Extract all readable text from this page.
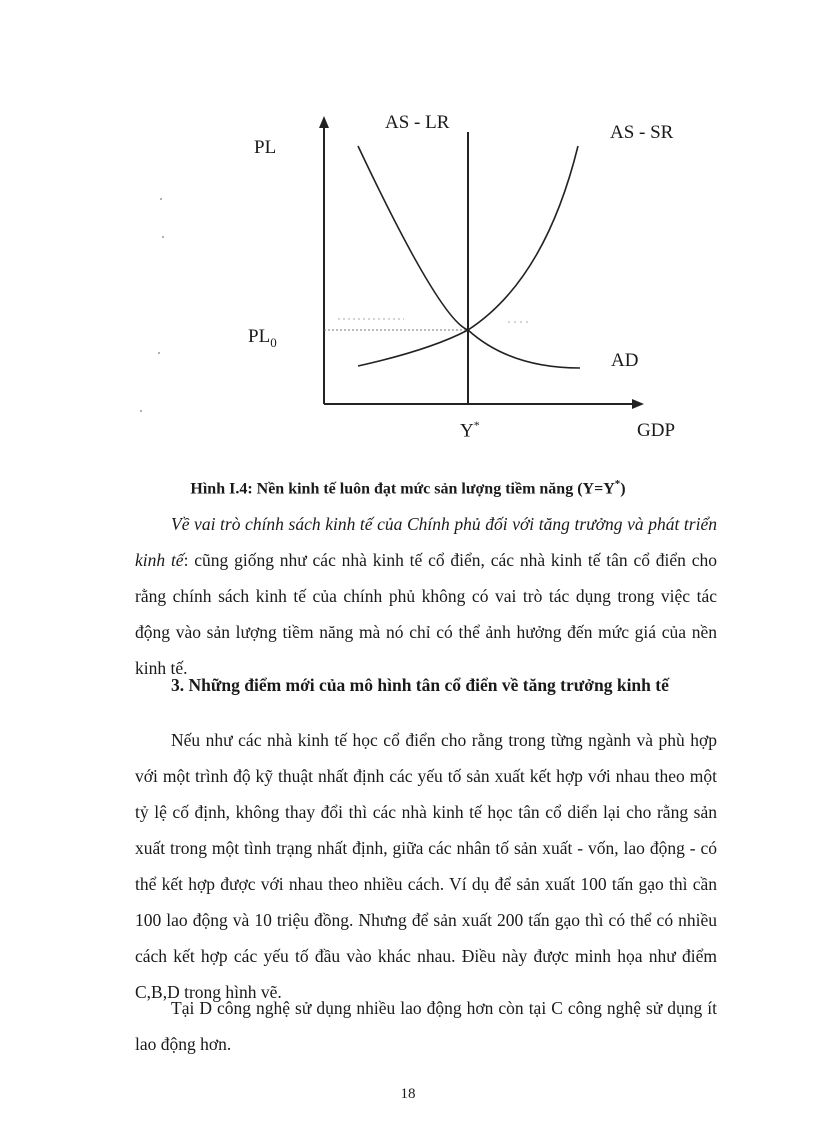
PL
$PL_0$
AS - LR	AS - SR
AD
Y*	GDP
Hình I.4: Nền kinh tế luôn đạt mức sản lượng tiềm năng (Y=Y*)

Về vai trò chính sách kinh tế của Chính phủ đối với tăng trưởng và phát triển kinh tế: cũng giống như các nhà kinh tế cổ điển, các nhà kinh tế tân cổ điển cho rằng chính sách kinh tế của chính phủ không có vai trò tác dụng trong việc tác động vào sản lượng tiềm năng mà nó chỉ có thể ảnh hưởng đến mức giá của nền kinh tế.

3. Những điểm mới của mô hình tân cổ điển về tăng trưởng kinh tế

Nếu như các nhà kinh tế học cổ điển cho rằng trong từng ngành và phù hợp với một trình độ kỹ thuật nhất định các yếu tố sản xuất kết hợp với nhau theo một tỷ lệ cố định, không thay đổi thì các nhà kinh tế học tân cổ diển lại cho rằng sản xuất trong một tình trạng nhất định, giữa các nhân tố sản xuất - vốn, lao động - có thể kết hợp được với nhau theo nhiều cách. Ví dụ để sản xuất 100 tấn gạo thì cần 100 lao động và 10 triệu đồng. Nhưng để sản xuất 200 tấn gạo thì có thể có nhiều cách kết hợp các yếu tố đầu vào khác nhau. Điều này được minh họa như điểm C,B,D trong hình vẽ.

Tại D công nghệ sử dụng nhiều lao động hơn còn tại C công nghệ sử dụng ít lao động hơn.

18
